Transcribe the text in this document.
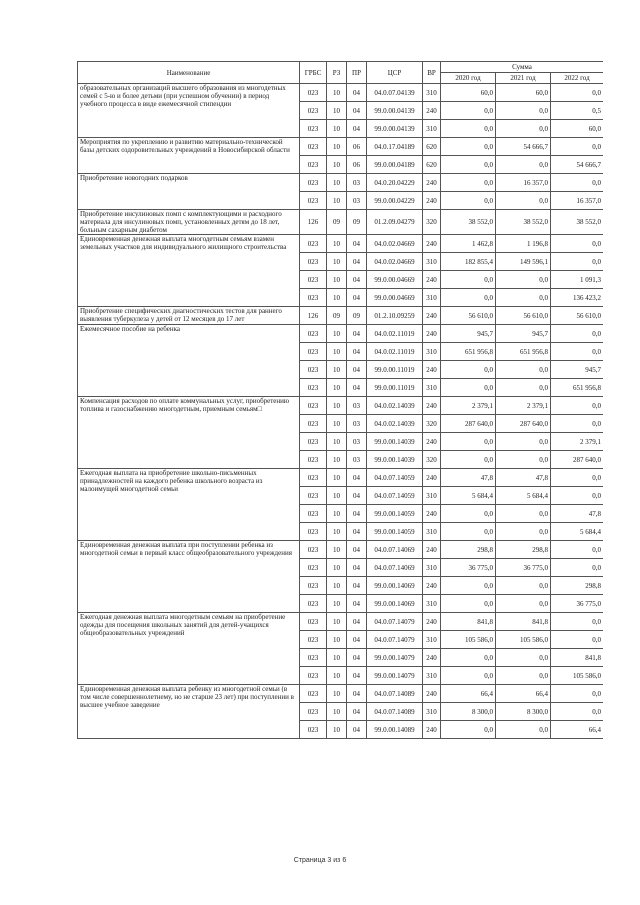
Наименование	ГРБС	РЗ	ПР	ЦСР	ВР	Сумма		
						2020 год	2021 год	2022 год
образовательных организаций высшего образования из многодетных семей с 5-ю и более детьми (при успешном обучении) в период учебного процесса в виде ежемесячной стипендии	023	10	04	04.0.07.04139	310	60,0	60,0	0,0
	023	10	04	99.0.00.04139	240	0,0	0,0	0,5
	023	10	04	99.0.00.04139	310	0,0	0,0	60,0
Мероприятия по укреплению и развитию материально-технической базы детских оздоровительных учреждений в Новосибирской области	023	10	06	04.0.17.04189	620	0,0	54 666,7	0,0
	023	10	06	99.0.00.04189	620	0,0	0,0	54 666,7
Приобретение новогодних подарков	023	10	03	04.0.20.04229	240	0,0	16 357,0	0,0
	023	10	03	99.0.00.04229	240	0,0	0,0	16 357,0
Приобретение инсулиновых помп с комплектующими и расходного материала для инсулиновых помп, установленных детям до 18 лет, больным сахарным диабетом	126	09	09	01.2.09.04279	320	38 552,0	38 552,0	38 552,0
Единовременная денежная выплата многодетным семьям взамен земельных участков для индивидуального жилищного строительства	023	10	04	04.0.02.04669	240	1 462,8	1 196,8	0,0
	023	10	04	04.0.02.04669	310	182 855,4	149 596,1	0,0
	023	10	04	99.0.00.04669	240	0,0	0,0	1 091,3
	023	10	04	99.0.00.04669	310	0,0	0,0	136 423,2
Приобретение специфических диагностических тестов для раннего выявления туберкулеза у детей от 12 месяцев до 17 лет	126	09	09	01.2.10.09259	240	56 610,0	56 610,0	56 610,0
Ежемесячное пособие на ребенка	023	10	04	04.0.02.11019	240	945,7	945,7	0,0
	023	10	04	04.0.02.11019	310	651 956,8	651 956,8	0,0
	023	10	04	99.0.00.11019	240	0,0	0,0	945,7
	023	10	04	99.0.00.11019	310	0,0	0,0	651 956,8
Компенсация расходов по оплате коммунальных услуг, приобретению топлива и газоснабжению многодетным, приемным семьям□	023	10	03	04.0.02.14039	240	2 379,1	2 379,1	0,0
	023	10	03	04.0.02.14039	320	287 640,0	287 640,0	0,0
	023	10	03	99.0.00.14039	240	0,0	0,0	2 379,1
	023	10	03	99.0.00.14039	320	0,0	0,0	287 640,0
Ежегодная выплата на приобретение школьно-письменных принадлежностей на каждого ребенка школьного возраста из малоимущей многодетной семьи	023	10	04	04.0.07.14059	240	47,8	47,8	0,0
	023	10	04	04.0.07.14059	310	5 684,4	5 684,4	0,0
	023	10	04	99.0.00.14059	240	0,0	0,0	47,8
	023	10	04	99.0.00.14059	310	0,0	0,0	5 684,4
Единовременная денежная выплата при поступлении ребенка из многодетной семьи в первый класс общеобразовательного учреждения	023	10	04	04.0.07.14069	240	298,8	298,8	0,0
	023	10	04	04.0.07.14069	310	36 775,0	36 775,0	0,0
	023	10	04	99.0.00.14069	240	0,0	0,0	298,8
	023	10	04	99.0.00.14069	310	0,0	0,0	36 775,0
Ежегодная денежная выплата многодетным семьям на приобретение одежды для посещения школьных занятий для детей-учащихся общеобразовательных учреждений	023	10	04	04.0.07.14079	240	841,8	841,8	0,0
	023	10	04	04.0.07.14079	310	105 586,0	105 586,0	0,0
	023	10	04	99.0.00.14079	240	0,0	0,0	841,8
	023	10	04	99.0.00.14079	310	0,0	0,0	105 586,0
Единовременная денежная выплата ребенку из многодетной семьи (в том числе совершеннолетнему, но не старше 23 лет) при поступлении в высшее учебное заведение	023	10	04	04.0.07.14089	240	66,4	66,4	0,0
	023	10	04	04.0.07.14089	310	8 300,0	8 300,0	0,0
	023	10	04	99.0.00.14089	240	0,0	0,0	66,4
Страница 3 из 6
